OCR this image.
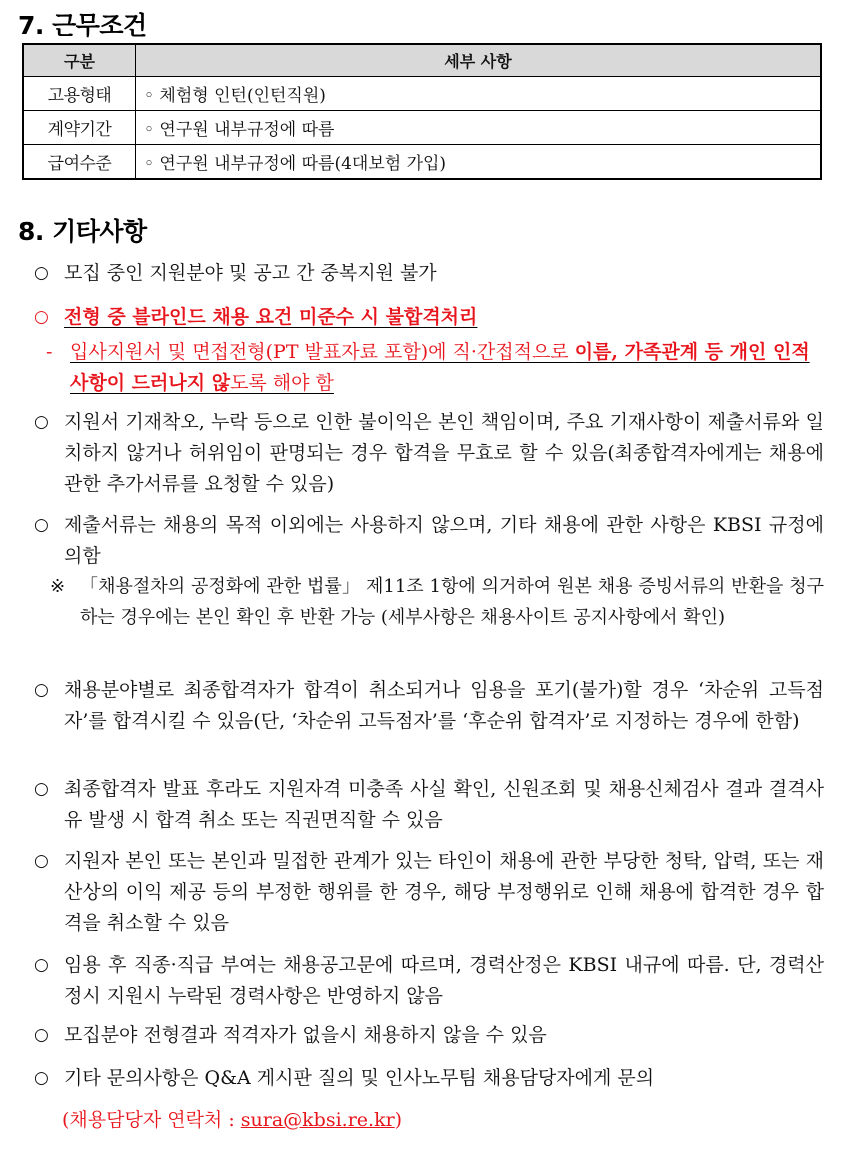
7. 근무조건
구분	세부 사항
고용형태	◦ 체험형 인턴(인턴직원)
계약기간	◦ 연구원 내부규정에 따름
급여수준	◦ 연구원 내부규정에 따름(4대보험 가입)
8. 기타사항
○ 모집 중인 지원분야 및 공고 간 중복지원 불가
○ 전형 중 블라인드 채용 요건 미준수 시 불합격처리
- 입사지원서 및 면접전형(PT 발표자료 포함)에 직·간접적으로 이름, 가족관계 등 개인 인적사항이 드러나지 않도록 해야 함
○ 지원서 기재착오, 누락 등으로 인한 불이익은 본인 책임이며, 주요 기재사항이 제출서류와 일치하지 않거나 허위임이 판명되는 경우 합격을 무효로 할 수 있음(최종합격자에게는 채용에 관한 추가서류를 요청할 수 있음)
○ 제출서류는 채용의 목적 이외에는 사용하지 않으며, 기타 채용에 관한 사항은 KBSI 규정에 의함
※ 「채용절차의 공정화에 관한 법률」 제11조 1항에 의거하여 원본 채용 증빙서류의 반환을 청구하는 경우에는 본인 확인 후 반환 가능 (세부사항은 채용사이트 공지사항에서 확인)
○ 채용분야별로 최종합격자가 합격이 취소되거나 임용을 포기(불가)할 경우 ‘차순위 고득점자’를 합격시킬 수 있음(단, ‘차순위 고득점자’를 ‘후순위 합격자’로 지정하는 경우에 한함)
○ 최종합격자 발표 후라도 지원자격 미충족 사실 확인, 신원조회 및 채용신체검사 결과 결격사유 발생 시 합격 취소 또는 직권면직할 수 있음
○ 지원자 본인 또는 본인과 밀접한 관계가 있는 타인이 채용에 관한 부당한 청탁, 압력, 또는 재산상의 이익 제공 등의 부정한 행위를 한 경우, 해당 부정행위로 인해 채용에 합격한 경우 합격을 취소할 수 있음
○ 임용 후 직종·직급 부여는 채용공고문에 따르며, 경력산정은 KBSI 내규에 따름. 단, 경력산정시 지원시 누락된 경력사항은 반영하지 않음
○ 모집분야 전형결과 적격자가 없을시 채용하지 않을 수 있음
○ 기타 문의사항은 Q&A 게시판 질의 및 인사노무팀 채용담당자에게 문의
(채용담당자 연락처 : sura@kbsi.re.kr)
